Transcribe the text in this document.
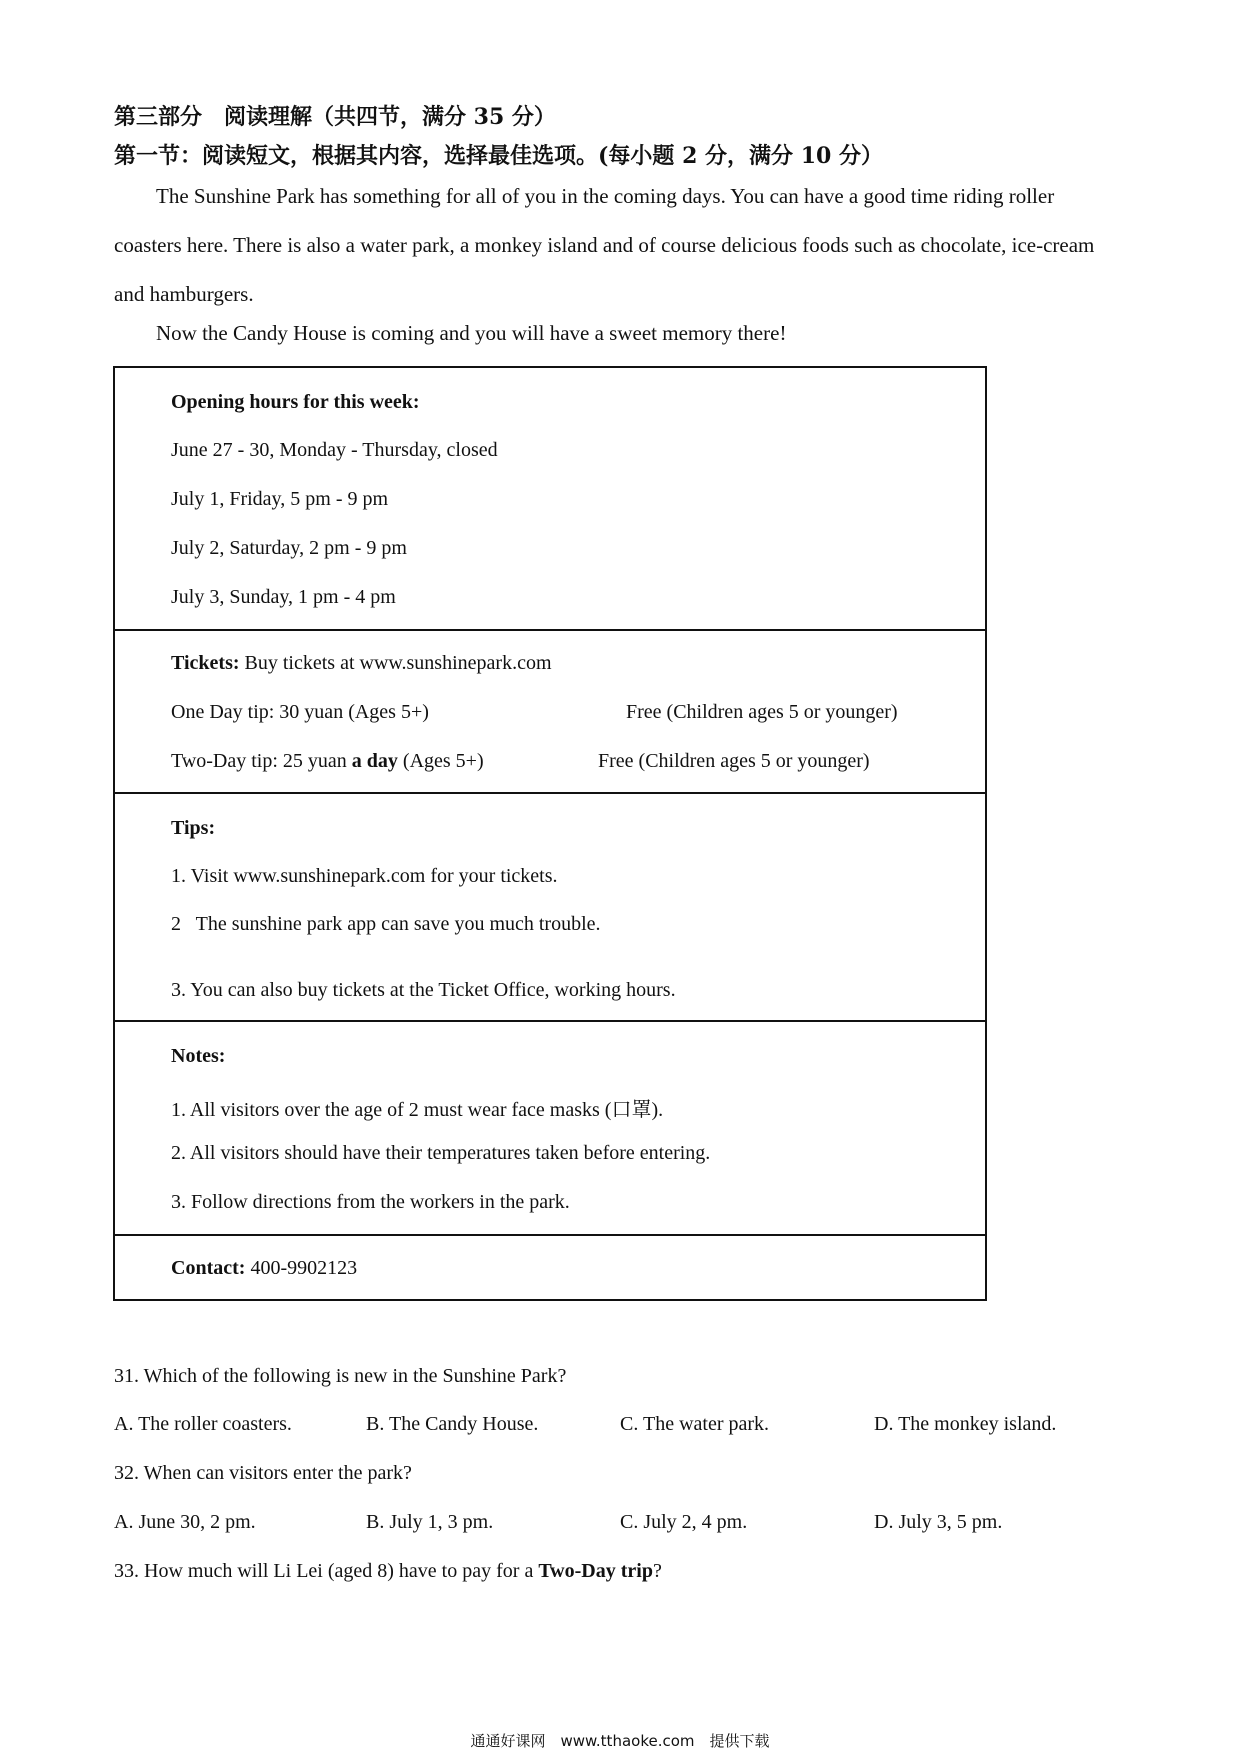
第三部分　阅读理解（共四节，满分 35 分）
第一节：阅读短文，根据其内容，选择最佳选项。(每小题 2 分，满分 10 分）
The Sunshine Park has something for all of you in the coming days. You can have a good time riding roller coasters here. There is also a water park, a monkey island and of course delicious foods such as chocolate, ice-cream and hamburgers.
Now the Candy House is coming and you will have a sweet memory there!
Opening hours for this week:
June 27 - 30, Monday - Thursday, closed
July 1, Friday, 5 pm - 9 pm
July 2, Saturday, 2 pm - 9 pm
July 3, Sunday, 1 pm - 4 pm
Tickets: Buy tickets at www.sunshinepark.com
One Day tip: 30 yuan (Ages 5+)	Free (Children ages 5 or younger)
Two-Day tip: 25 yuan a day (Ages 5+)	Free (Children ages 5 or younger)
Tips:
1. Visit www.sunshinepark.com for your tickets.
2   The sunshine park app can save you much trouble.
3. You can also buy tickets at the Ticket Office, working hours.
Notes:
1. All visitors over the age of 2 must wear face masks (口罩).
2. All visitors should have their temperatures taken before entering.
3. Follow directions from the workers in the park.
Contact: 400-9902123
31. Which of the following is new in the Sunshine Park?
A. The roller coasters.	B. The Candy House.	C. The water park.	D. The monkey island.
32. When can visitors enter the park?
A. June 30, 2 pm.	B. July 1, 3 pm.	C. July 2, 4 pm.	D. July 3, 5 pm.
33. How much will Li Lei (aged 8) have to pay for a Two-Day trip?
通通好课网　www.tthaoke.com　提供下载
